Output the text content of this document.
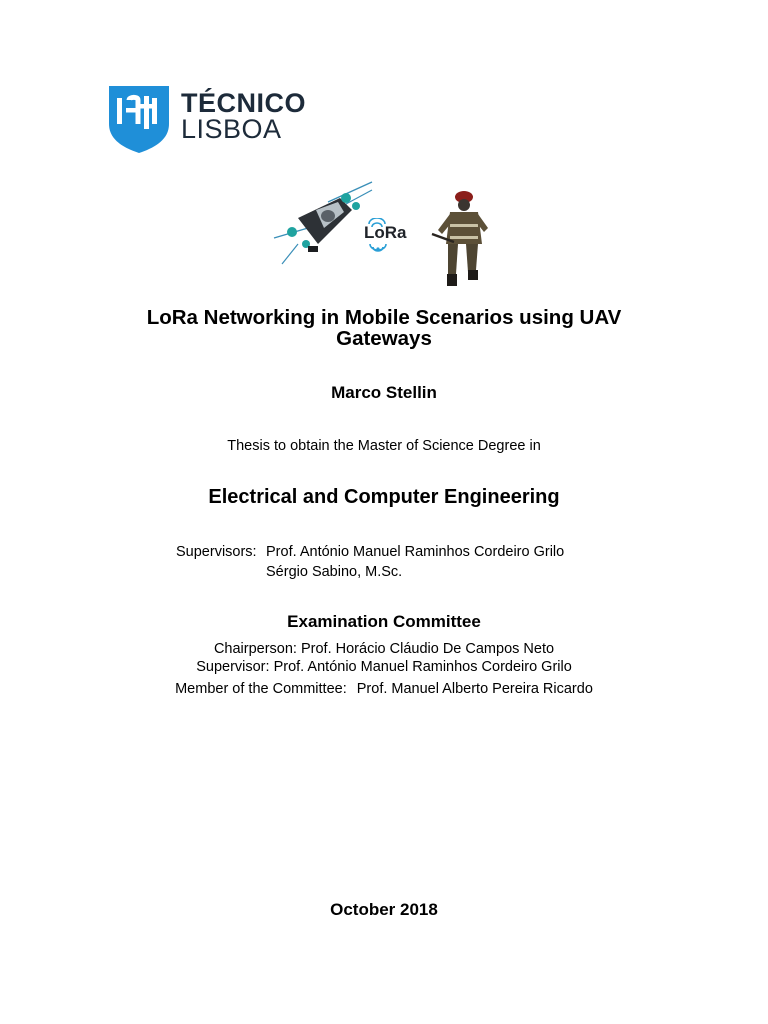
TÉCNICO
LISBOA
LoRa
LoRa Networking in Mobile Scenarios using UAV
Gateways
Marco Stellin
Thesis to obtain the Master of Science Degree in
Electrical and Computer Engineering
Supervisors: Prof. António Manuel Raminhos Cordeiro Grilo
Sérgio Sabino, M.Sc.
Examination Committee
Chairperson: Prof. Horácio Cláudio De Campos Neto
Supervisor: Prof. António Manuel Raminhos Cordeiro Grilo
Member of the Committee: Prof. Manuel Alberto Pereira Ricardo
October 2018
